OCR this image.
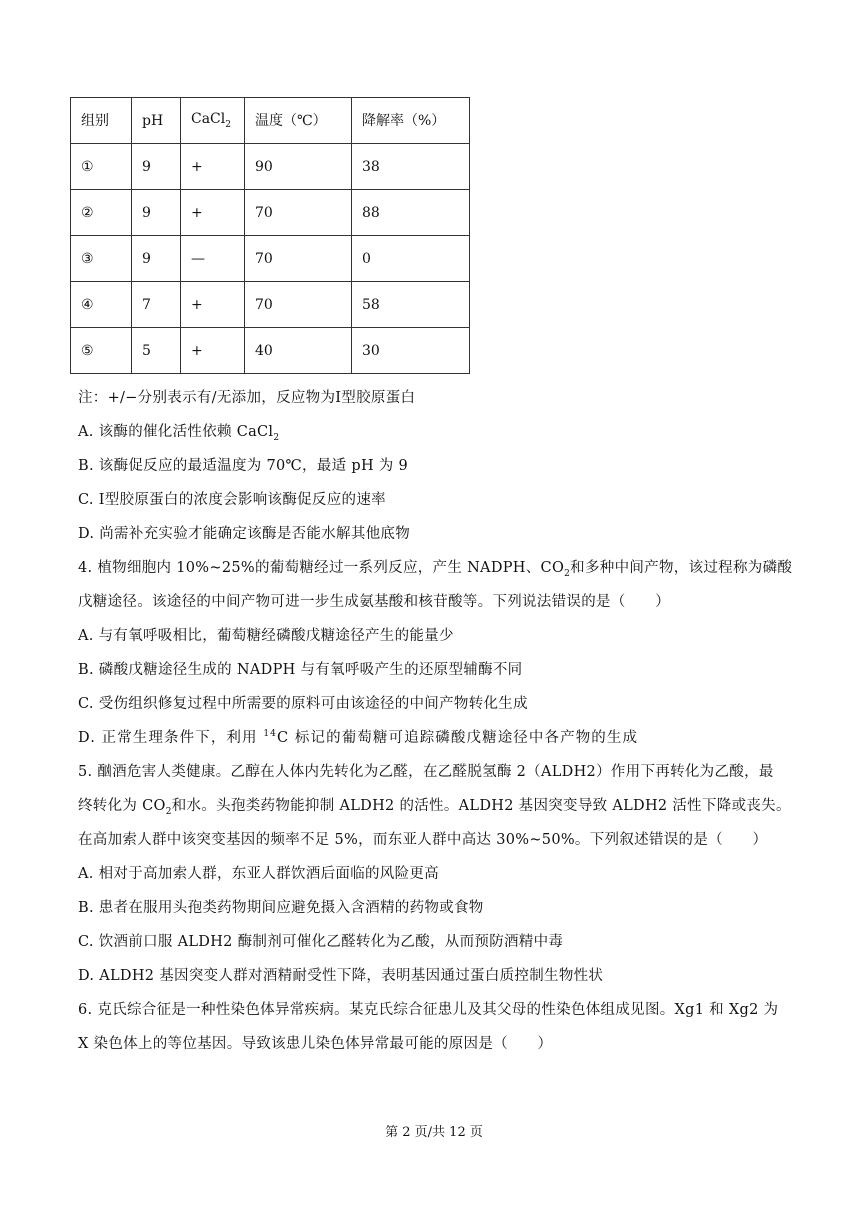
组别	pH	CaCl$_2$	温度（℃）	降解率（%）
①	9	+	90	38
②	9	+	70	88
③	9	—	70	0
④	7	+	70	58
⑤	5	+	40	30
注：+/−分别表示有/无添加，反应物为Ⅰ型胶原蛋白
A. 该酶的催化活性依赖 CaCl$_2$
B. 该酶促反应的最适温度为 70℃，最适 pH 为 9
C. Ⅰ型胶原蛋白的浓度会影响该酶促反应的速率
D. 尚需补充实验才能确定该酶是否能水解其他底物
4. 植物细胞内 10%~25%的葡萄糖经过一系列反应，产生 NADPH、$CO_2$和多种中间产物，该过程称为磷酸
戊糖途径。该途径的中间产物可进一步生成氨基酸和核苷酸等。下列说法错误的是（　　）
A. 与有氧呼吸相比，葡萄糖经磷酸戊糖途径产生的能量少
B. 磷酸戊糖途径生成的 NADPH 与有氧呼吸产生的还原型辅酶不同
C. 受伤组织修复过程中所需要的原料可由该途径的中间产物转化生成
D. 正常生理条件下，利用 $^{14}$C 标记的葡萄糖可追踪磷酸戊糖途径中各产物的生成
5. 酗酒危害人类健康。乙醇在人体内先转化为乙醛，在乙醛脱氢酶 2（ALDH2）作用下再转化为乙酸，最
终转化为 $CO_2$和水。头孢类药物能抑制 ALDH2 的活性。ALDH2 基因突变导致 ALDH2 活性下降或丧失。
在高加索人群中该突变基因的频率不足 5%，而东亚人群中高达 30%~50%。下列叙述错误的是（　　）
A. 相对于高加索人群，东亚人群饮酒后面临的风险更高
B. 患者在服用头孢类药物期间应避免摄入含酒精的药物或食物
C. 饮酒前口服 ALDH2 酶制剂可催化乙醛转化为乙酸，从而预防酒精中毒
D. ALDH2 基因突变人群对酒精耐受性下降，表明基因通过蛋白质控制生物性状
6. 克氏综合征是一种性染色体异常疾病。某克氏综合征患儿及其父母的性染色体组成见图。Xg1 和 Xg2 为
X 染色体上的等位基因。导致该患儿染色体异常最可能的原因是（　　）
第 2 页/共 12 页
